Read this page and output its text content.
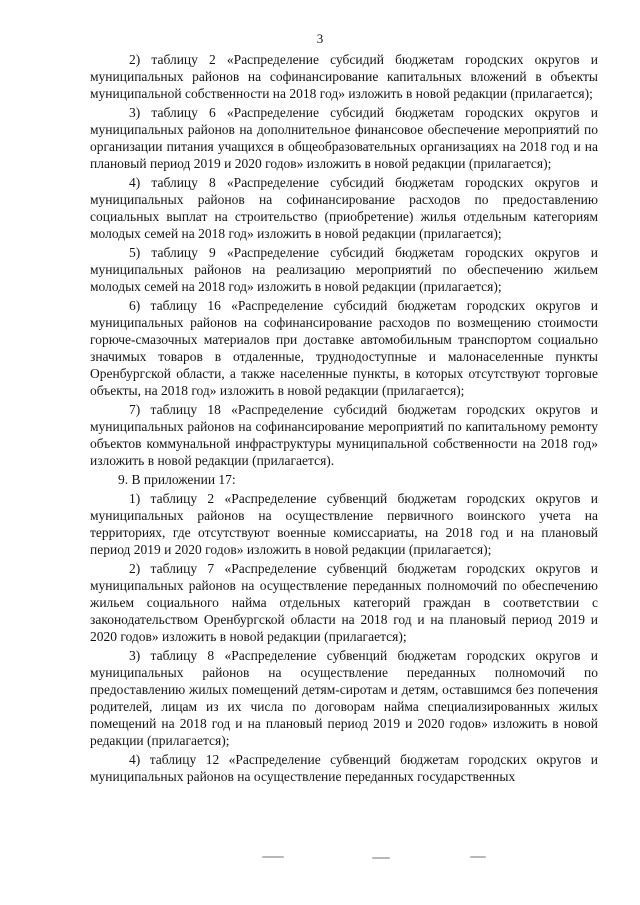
3

2) таблицу 2 «Распределение субсидий бюджетам городских округов и муниципальных районов на софинансирование капитальных вложений в объекты муниципальной собственности на 2018 год» изложить в новой редакции (прилагается);

3) таблицу 6 «Распределение субсидий бюджетам городских округов и муниципальных районов на дополнительное финансовое обеспечение мероприятий по организации питания учащихся в общеобразовательных организациях на 2018 год и на плановый период 2019 и 2020 годов» изложить в новой редакции (прилагается);

4) таблицу 8 «Распределение субсидий бюджетам городских округов и муниципальных районов на софинансирование расходов по предоставлению социальных выплат на строительство (приобретение) жилья отдельным категориям молодых семей на 2018 год» изложить в новой редакции (прилагается);

5) таблицу 9 «Распределение субсидий бюджетам городских округов и муниципальных районов на реализацию мероприятий по обеспечению жильем молодых семей на 2018 год» изложить в новой редакции (прилагается);

6) таблицу 16 «Распределение субсидий бюджетам городских округов и муниципальных районов на софинансирование расходов по возмещению стоимости горюче-смазочных материалов при доставке автомобильным транспортом социально значимых товаров в отдаленные, труднодоступные и малонаселенные пункты Оренбургской области, а также населенные пункты, в которых отсутствуют торговые объекты, на 2018 год» изложить в новой редакции (прилагается);

7) таблицу 18 «Распределение субсидий бюджетам городских округов и муниципальных районов на софинансирование мероприятий по капитальному ремонту объектов коммунальной инфраструктуры муниципальной собственности на 2018 год» изложить в новой редакции (прилагается).

9. В приложении 17:

1) таблицу 2 «Распределение субвенций бюджетам городских округов и муниципальных районов на осуществление первичного воинского учета на территориях, где отсутствуют военные комиссариаты, на 2018 год и на плановый период 2019 и 2020 годов» изложить в новой редакции (прилагается);

2) таблицу 7 «Распределение субвенций бюджетам городских округов и муниципальных районов на осуществление переданных полномочий по обеспечению жильем социального найма отдельных категорий граждан в соответствии с законодательством Оренбургской области на 2018 год и на плановый период 2019 и 2020 годов» изложить в новой редакции (прилагается);

3) таблицу 8 «Распределение субвенций бюджетам городских округов и муниципальных районов на осуществление переданных полномочий по предоставлению жилых помещений детям-сиротам и детям, оставшимся без попечения родителей, лицам из их числа по договорам найма специализированных жилых помещений на 2018 год и на плановый период 2019 и 2020 годов» изложить в новой редакции (прилагается);

4) таблицу 12 «Распределение субвенций бюджетам городских округов и муниципальных районов на осуществление переданных государственных
